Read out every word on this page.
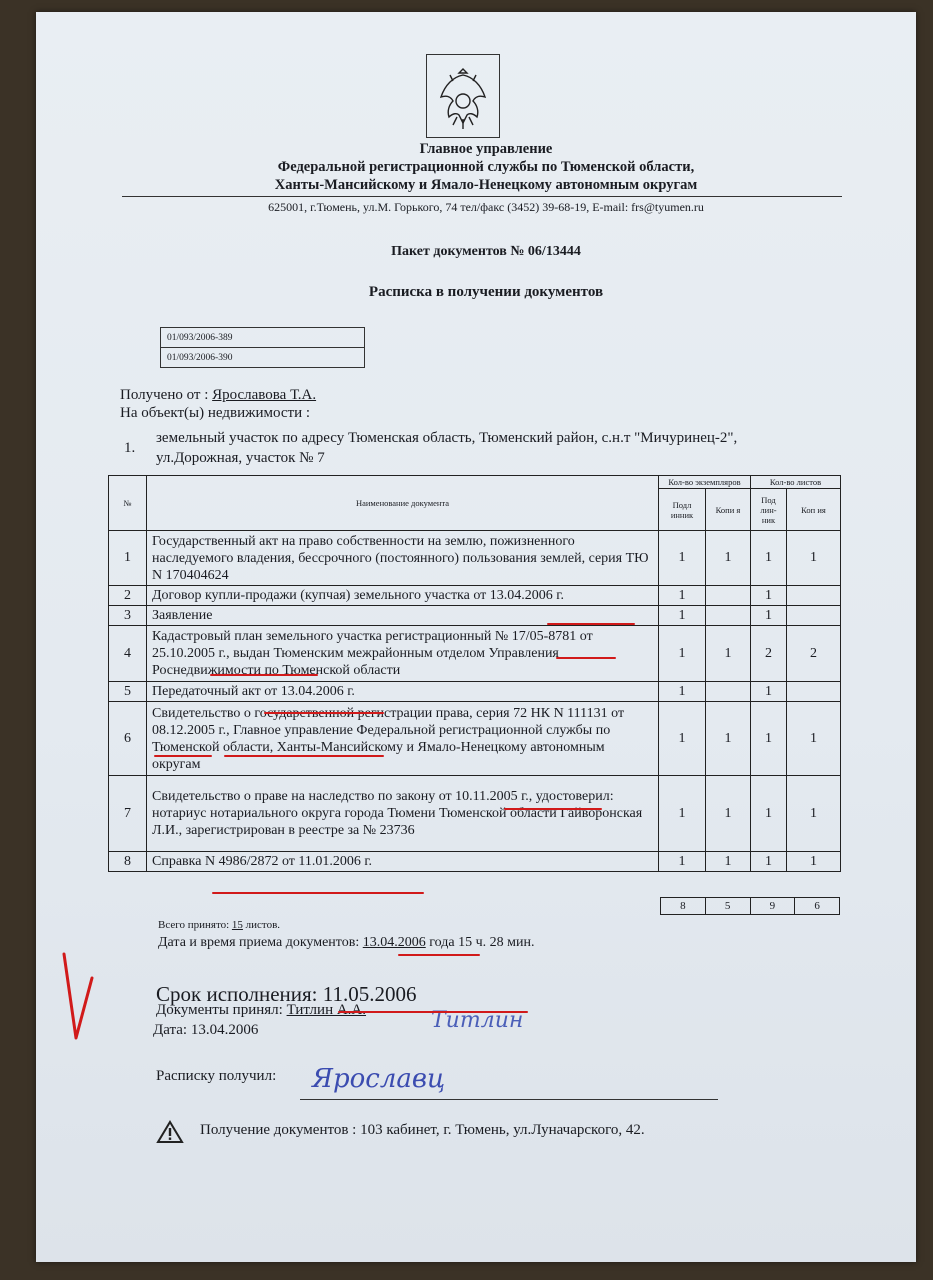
Главное управление
Федеральной регистрационной службы по Тюменской области,
Ханты-Мансийскому и Ямало-Ненецкому автономным округам
625001, г.Тюмень, ул.М. Горького, 74 тел/факс (3452) 39-68-19, E-mail: frs@tyumen.ru
Пакет документов № 06/13444
Расписка в получении документов
01/093/2006-389
01/093/2006-390
Получено от : Ярославова Т.А.
На объект(ы) недвижимости :
1.
земельный участок по адресу Тюменская область, Тюменский район, с.н.т "Мичуринец-2",
ул.Дорожная, участок № 7
№	Наименование документа	Кол-во экземпляров		Кол-во листов	
		Подл инник	Копи я	Под лин-ник	Коп ия
1	Государственный акт на право собственности на землю, пожизненного наследуемого владения, бессрочного (постоянного) пользования землей, серия ТЮ N 170404624	1	1	1	1
2	Договор купли-продажи (купчая) земельного участка от 13.04.2006 г.	1		1	
3	Заявление	1		1	
4	Кадастровый план земельного участка регистрационный № 17/05-8781 от 25.10.2005 г., выдан Тюменским межрайонным отделом Управления Роснедвижимости по Тюменской области	1	1	2	2
5	Передаточный акт от 13.04.2006 г.	1		1	
6	Свидетельство о государственной регистрации права, серия 72 НК N 111131 от 08.12.2005 г., Главное управление Федеральной регистрационной службы по Тюменской области, Ханты-Мансийскому и Ямало-Ненецкому автономным округам	1	1	1	1
7	Свидетельство о праве на наследство по закону от 10.11.2005 г., удостоверил: нотариус нотариального округа города Тюмени Тюменской области Гайворонская Л.И., зарегистрирован в реестре за № 23736	1	1	1	1
8	Справка N 4986/2872 от 11.01.2006 г.	1	1	1	1
8	5	9	6
Всего принято: 15 листов.
Дата и время приема документов: 13.04.2006 года 15 ч. 28 мин.
Срок исполнения: 11.05.2006
Документы принял: Титлин А.А.	Титлин
Дата: 13.04.2006
Расписку получил: Ярославц
Получение документов : 103 кабинет, г. Тюмень, ул.Луначарского, 42.
